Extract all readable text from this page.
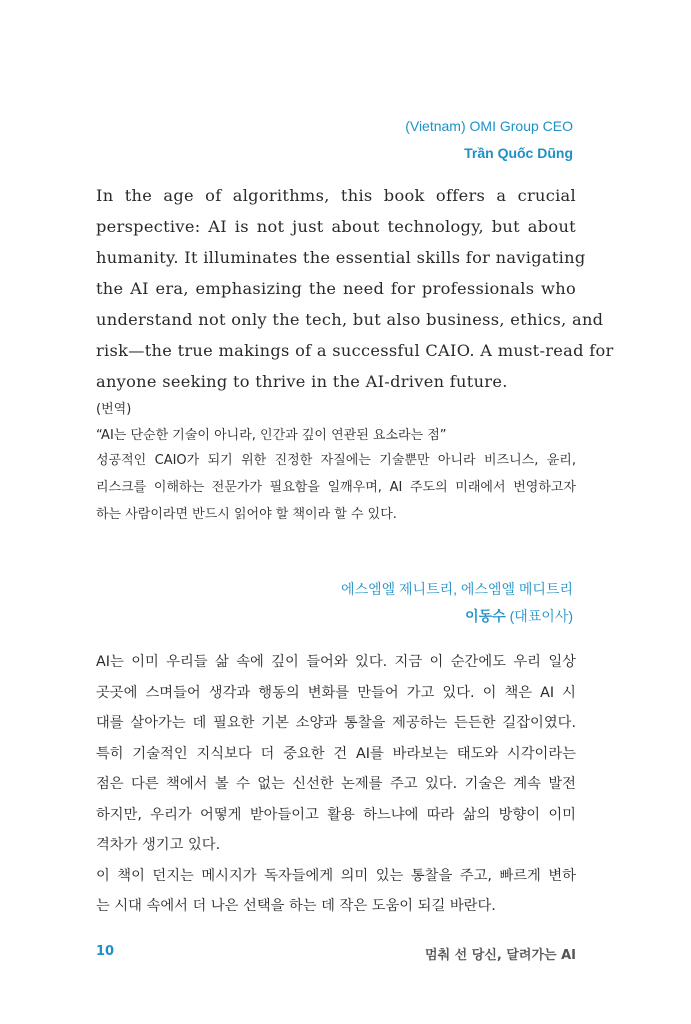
(Vietnam) OMI Group CEO
Trần Quốc Dũng
In the age of algorithms, this book offers a crucial
perspective: AI is not just about technology, but about
humanity. It illuminates the essential skills for navigating
the AI era, emphasizing the need for professionals who
understand not only the tech, but also business, ethics, and
risk—the true makings of a successful CAIO. A must-read for
anyone seeking to thrive in the AI-driven future.
(번역)
“AI는 단순한 기술이 아니라, 인간과 깊이 연관된 요소라는 점”
성공적인 CAIO가 되기 위한 진정한 자질에는 기술뿐만 아니라 비즈니스, 윤리,
리스크를 이해하는 전문가가 필요함을 일깨우며, AI 주도의 미래에서 번영하고자
하는 사람이라면 반드시 읽어야 할 책이라 할 수 있다.
에스엠엘 제니트리, 에스엠엘 메디트리
이동수 (대표이사)
AI는 이미 우리들 삶 속에 깊이 들어와 있다. 지금 이 순간에도 우리 일상
곳곳에 스며들어 생각과 행동의 변화를 만들어 가고 있다. 이 책은 AI 시
대를 살아가는 데 필요한 기본 소양과 통찰을 제공하는 든든한 길잡이였다.
특히 기술적인 지식보다 더 중요한 건 AI를 바라보는 태도와 시각이라는
점은 다른 책에서 볼 수 없는 신선한 논제를 주고 있다. 기술은 계속 발전
하지만, 우리가 어떻게 받아들이고 활용 하느냐에 따라 삶의 방향이 이미
격차가 생기고 있다.
이 책이 던지는 메시지가 독자들에게 의미 있는 통찰을 주고, 빠르게 변하
는 시대 속에서 더 나은 선택을 하는 데 작은 도움이 되길 바란다.
10	멈춰 선 당신, 달려가는 AI
